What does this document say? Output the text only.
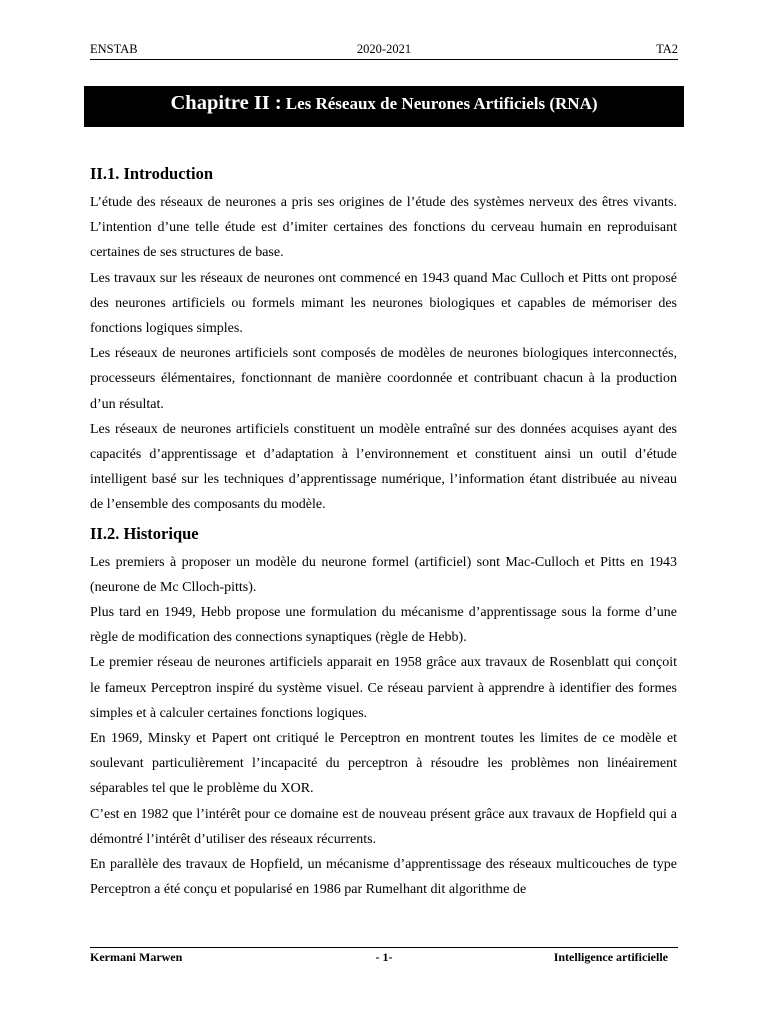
ENSTAB	2020-2021	TA2
Chapitre II : Les Réseaux de Neurones Artificiels (RNA)
II.1. Introduction

L’étude des réseaux de neurones a pris ses origines de l’étude des systèmes nerveux des êtres vivants. L’intention d’une telle étude est d’imiter certaines des fonctions du cerveau humain en reproduisant certaines de ses structures de base.

Les travaux sur les réseaux de neurones ont commencé en 1943 quand Mac Culloch et Pitts ont proposé des neurones artificiels ou formels mimant les neurones biologiques et capables de mémoriser des fonctions logiques simples.

Les réseaux de neurones artificiels sont composés de modèles de neurones biologiques interconnectés, processeurs élémentaires, fonctionnant de manière coordonnée et contribuant chacun à la production d’un résultat.

Les réseaux de neurones artificiels constituent un modèle entraîné sur des données acquises ayant des capacités d’apprentissage et d’adaptation à l’environnement et constituent ainsi un outil d’étude intelligent basé sur les techniques d’apprentissage numérique, l’information étant distribuée au niveau de l’ensemble des composants du modèle.

II.2. Historique

Les premiers à proposer un modèle du neurone formel (artificiel) sont Mac-Culloch et Pitts en 1943 (neurone de Mc Clloch-pitts).

Plus tard en 1949, Hebb propose une formulation du mécanisme d’apprentissage sous la forme d’une règle de modification des connections synaptiques (règle de Hebb).

Le premier réseau de neurones artificiels apparait en 1958 grâce aux travaux de Rosenblatt qui conçoit le fameux Perceptron inspiré du système visuel. Ce réseau parvient à apprendre à identifier des formes simples et à calculer certaines fonctions logiques.

En 1969, Minsky et Papert ont critiqué le Perceptron en montrent toutes les limites de ce modèle et soulevant particulièrement l’incapacité du perceptron à résoudre les problèmes non linéairement séparables tel que le problème du XOR.

C’est en 1982 que l’intérêt pour ce domaine est de nouveau présent grâce aux travaux de Hopfield qui a démontré l’intérêt d’utiliser des réseaux récurrents.

En parallèle des travaux de Hopfield, un mécanisme d’apprentissage des réseaux multicouches de type Perceptron a été conçu et popularisé en 1986 par Rumelhant dit algorithme de

Kermani Marwen	- 1-	Intelligence artificielle
